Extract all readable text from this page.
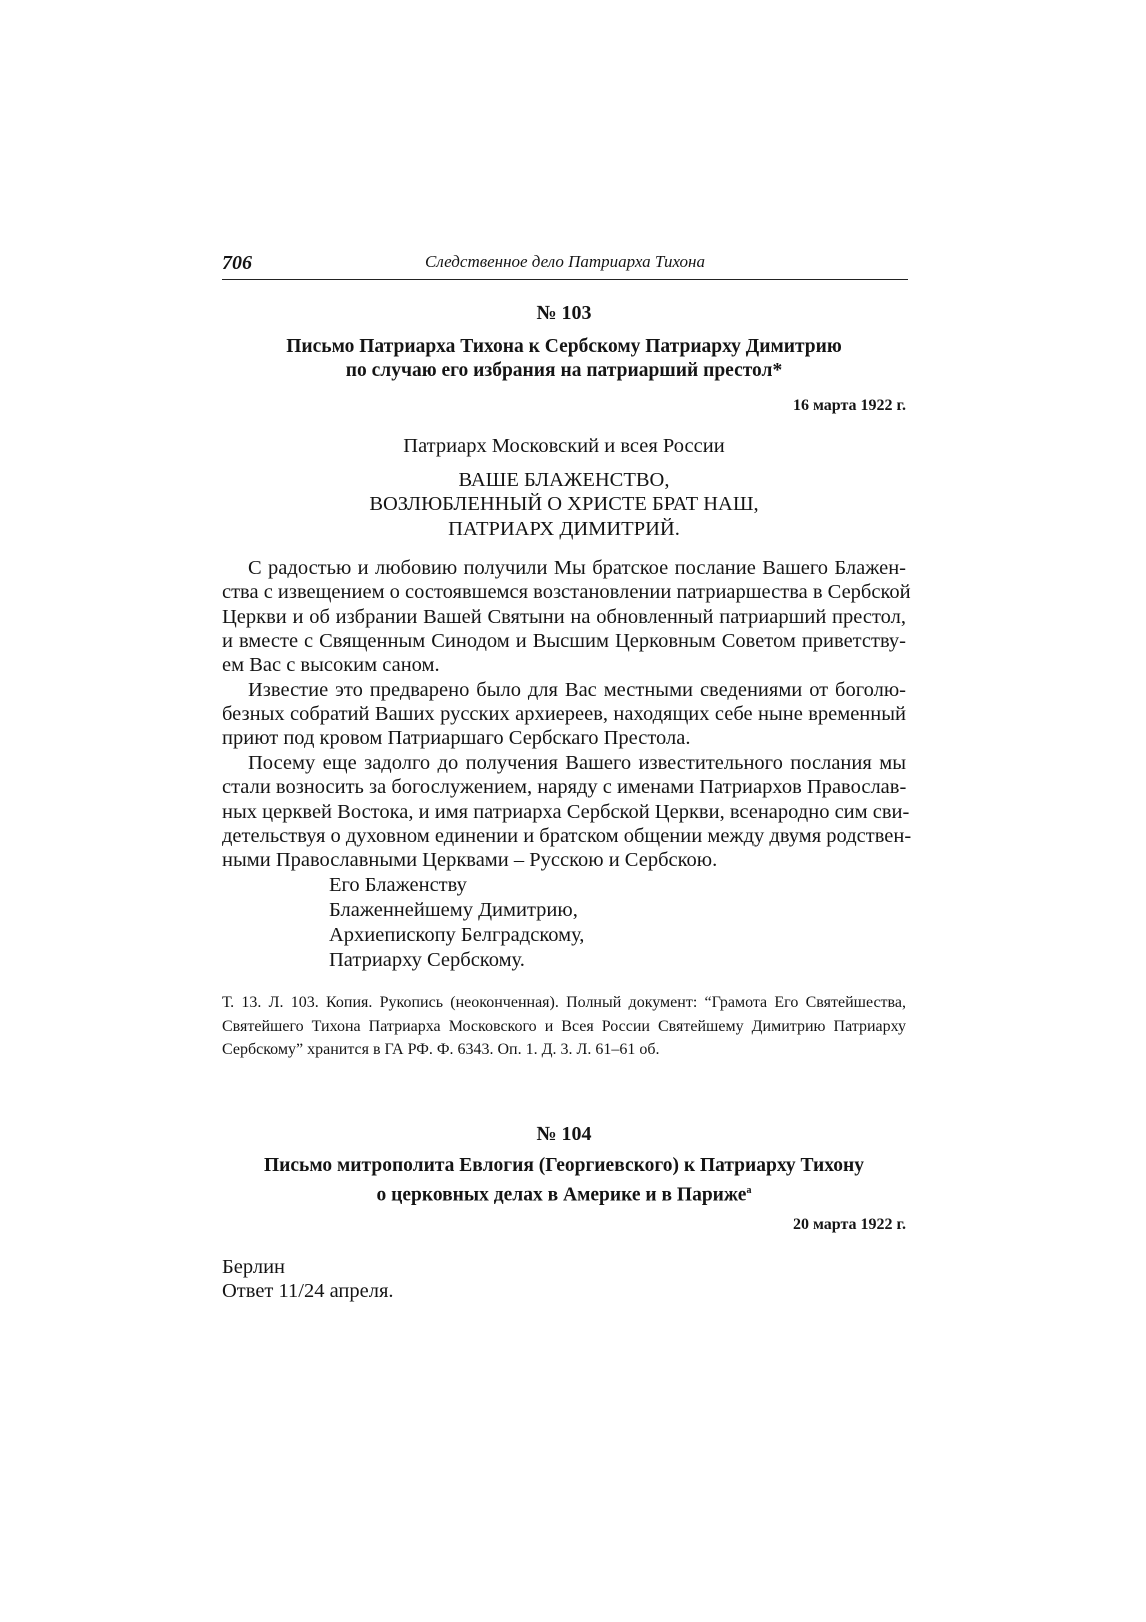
706	Следственное дело Патриарха Тихона
№ 103
Письмо Патриарха Тихона к Сербскому Патриарху Димитрию
по случаю его избрания на патриарший престол*
16 марта 1922 г.
Патриарх Московский и всея России
ВАШЕ БЛАЖЕНСТВО,
ВОЗЛЮБЛЕННЫЙ О ХРИСТЕ БРАТ НАШ,
ПАТРИАРХ ДИМИТРИЙ.
С радостью и любовию получили Мы братское послание Вашего Блажен-
ства с извещением о состоявшемся возстановлении патриаршества в Сербской
Церкви и об избрании Вашей Святыни на обновленный патриарший престол,
и вместе с Священным Синодом и Высшим Церковным Советом приветству-
ем Вас с высоким саном.
Известие это предварено было для Вас местными сведениями от боголю-
безных собратий Ваших русских архиереев, находящих себе ныне временный
приют под кровом Патриаршаго Сербскаго Престола.
Посему еще задолго до получения Вашего известительного послания мы
стали возносить за богослужением, наряду с именами Патриархов Православ-
ных церквей Востока, и имя патриарха Сербской Церкви, всенародно сим сви-
детельствуя о духовном единении и братском общении между двумя родствен-
ными Православными Церквами – Русскою и Сербскою.
Его Блаженству
Блаженнейшему Димитрию,
Архиепископу Белградскому,
Патриарху Сербскому.
Т. 13. Л. 103. Копия. Рукопись (неоконченная). Полный документ: “Грамота Его Святейшества,
Святейшего Тихона Патриарха Московского и Всея России Святейшему Димитрию Патриарху
Сербскому” хранится в ГА РФ. Ф. 6343. Оп. 1. Д. 3. Л. 61–61 об.
№ 104
Письмо митрополита Евлогия (Георгиевского) к Патриарху Тихону
о церковных делах в Америке и в Париже$^а$
20 марта 1922 г.
Берлин
Ответ 11/24 апреля.
